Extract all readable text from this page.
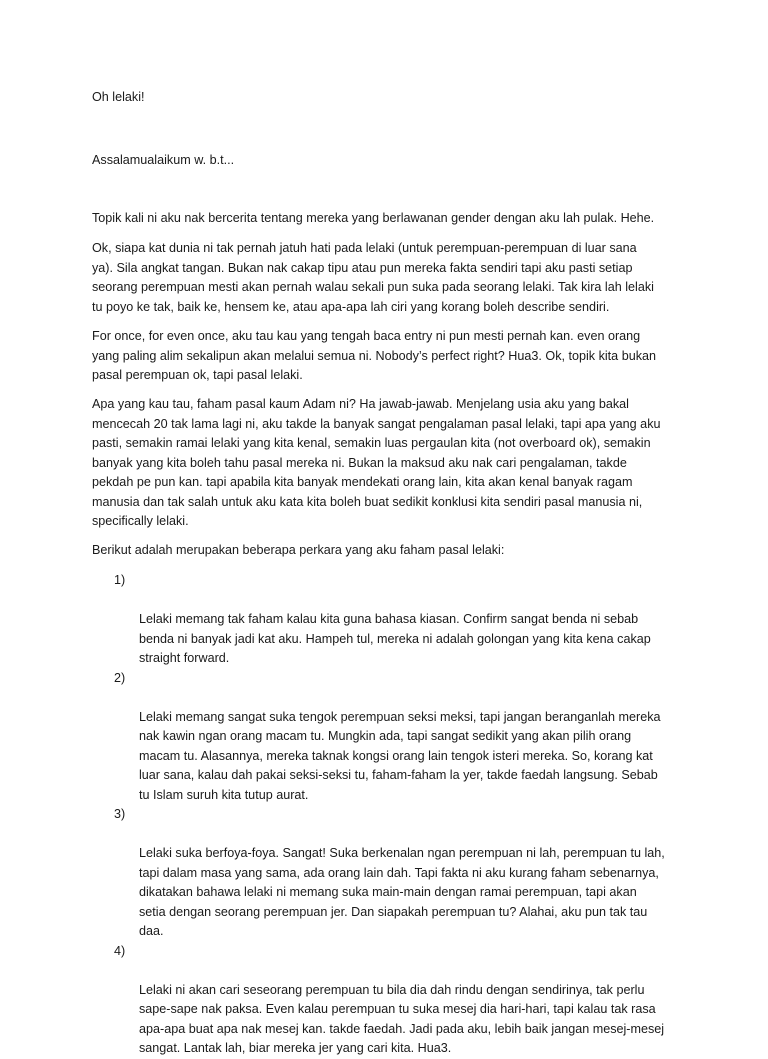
Oh lelaki!

Assalamualaikum w. b.t...

Topik kali ni aku nak bercerita tentang mereka yang berlawanan gender dengan aku lah pulak. Hehe.

Ok, siapa kat dunia ni tak pernah jatuh hati pada lelaki (untuk perempuan-perempuan di luar sana
ya). Sila angkat tangan. Bukan nak cakap tipu atau pun mereka fakta sendiri tapi aku pasti setiap
seorang perempuan mesti akan pernah walau sekali pun suka pada seorang lelaki. Tak kira lah lelaki
tu poyo ke tak, baik ke, hensem ke, atau apa-apa lah ciri yang korang boleh describe sendiri.

For once, for even once, aku tau kau yang tengah baca entry ni pun mesti pernah kan. even orang
yang paling alim sekalipun akan melalui semua ni. Nobody’s perfect right? Hua3. Ok, topik kita bukan
pasal perempuan ok, tapi pasal lelaki.

Apa yang kau tau, faham pasal kaum Adam ni? Ha jawab-jawab. Menjelang usia aku yang bakal
mencecah 20 tak lama lagi ni, aku takde la banyak sangat pengalaman pasal lelaki, tapi apa yang aku
pasti, semakin ramai lelaki yang kita kenal, semakin luas pergaulan kita (not overboard ok), semakin
banyak yang kita boleh tahu pasal mereka ni. Bukan la maksud aku nak cari pengalaman, takde
pekdah pe pun kan. tapi apabila kita banyak mendekati orang lain, kita akan kenal banyak ragam
manusia dan tak salah untuk aku kata kita boleh buat sedikit konklusi kita sendiri pasal manusia ni,
specifically lelaki.

Berikut adalah merupakan beberapa perkara yang aku faham pasal lelaki:

1)

Lelaki memang tak faham kalau kita guna bahasa kiasan. Confirm sangat benda ni sebab
benda ni banyak jadi kat aku. Hampeh tul, mereka ni adalah golongan yang kita kena cakap
straight forward.

2)

Lelaki memang sangat suka tengok perempuan seksi meksi, tapi jangan beranganlah mereka
nak kawin ngan orang macam tu. Mungkin ada, tapi sangat sedikit yang akan pilih orang
macam tu. Alasannya, mereka taknak kongsi orang lain tengok isteri mereka. So, korang kat
luar sana, kalau dah pakai seksi-seksi tu, faham-faham la yer, takde faedah langsung. Sebab
tu Islam suruh kita tutup aurat.

3)

Lelaki suka berfoya-foya. Sangat! Suka berkenalan ngan perempuan ni lah, perempuan tu lah,
tapi dalam masa yang sama, ada orang lain dah. Tapi fakta ni aku kurang faham sebenarnya,
dikatakan bahawa lelaki ni memang suka main-main dengan ramai perempuan, tapi akan
setia dengan seorang perempuan jer. Dan siapakah perempuan tu? Alahai, aku pun tak tau
daa.

4)

Lelaki ni akan cari seseorang perempuan tu bila dia dah rindu dengan sendirinya, tak perlu
sape-sape nak paksa. Even kalau perempuan tu suka mesej dia hari-hari, tapi kalau tak rasa
apa-apa buat apa nak mesej kan. takde faedah. Jadi pada aku, lebih baik jangan mesej-mesej
sangat. Lantak lah, biar mereka jer yang cari kita. Hua3.
